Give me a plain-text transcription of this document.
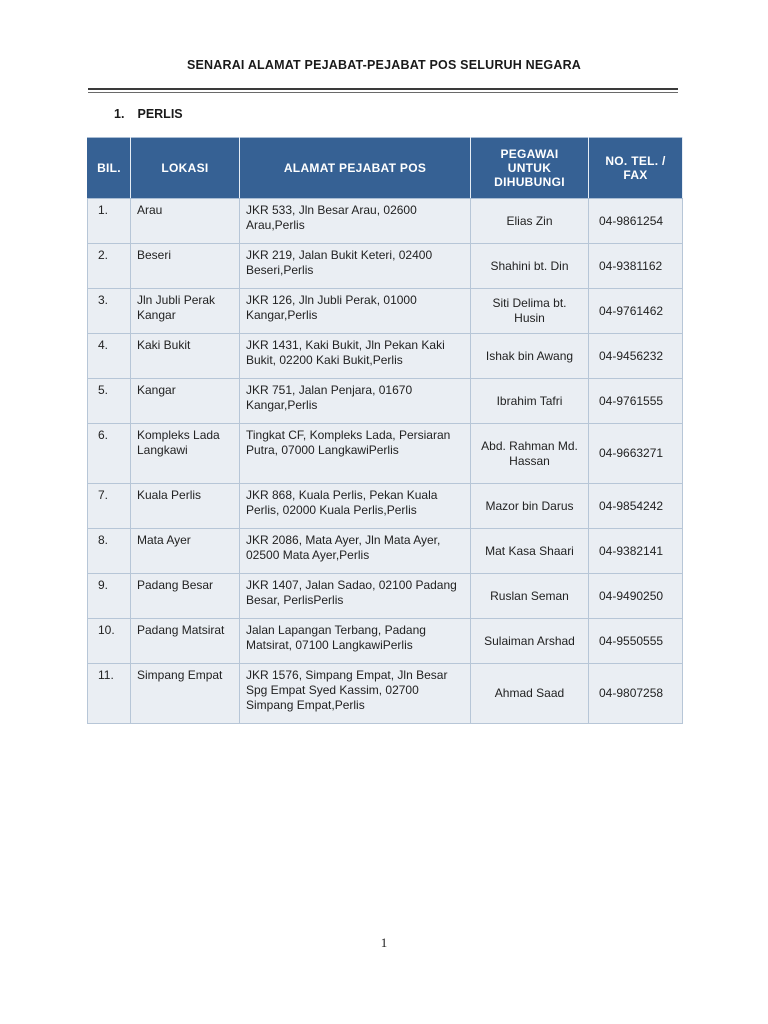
SENARAI ALAMAT PEJABAT-PEJABAT POS SELURUH NEGARA
1. PERLIS
BIL.	LOKASI	ALAMAT PEJABAT POS	PEGAWAI UNTUK DIHUBUNGI	NO. TEL. / FAX
1.	Arau	JKR 533, Jln Besar Arau, 02600 Arau,Perlis	Elias Zin	04-9861254
2.	Beseri	JKR 219, Jalan Bukit Keteri, 02400 Beseri,Perlis	Shahini bt. Din	04-9381162
3.	Jln Jubli Perak Kangar	JKR 126, Jln Jubli Perak, 01000 Kangar,Perlis	Siti Delima bt. Husin	04-9761462
4.	Kaki Bukit	JKR 1431, Kaki Bukit, Jln Pekan Kaki Bukit, 02200 Kaki Bukit,Perlis	Ishak bin Awang	04-9456232
5.	Kangar	JKR 751, Jalan Penjara, 01670 Kangar,Perlis	Ibrahim Tafri	04-9761555
6.	Kompleks Lada Langkawi	Tingkat CF, Kompleks Lada, Persiaran Putra, 07000 LangkawiPerlis	Abd. Rahman Md. Hassan	04-9663271
7.	Kuala Perlis	JKR 868, Kuala Perlis, Pekan Kuala Perlis, 02000 Kuala Perlis,Perlis	Mazor bin Darus	04-9854242
8.	Mata Ayer	JKR 2086, Mata Ayer, Jln Mata Ayer, 02500 Mata Ayer,Perlis	Mat Kasa Shaari	04-9382141
9.	Padang Besar	JKR 1407, Jalan Sadao, 02100 Padang Besar, PerlisPerlis	Ruslan Seman	04-9490250
10.	Padang Matsirat	Jalan Lapangan Terbang, Padang Matsirat, 07100 LangkawiPerlis	Sulaiman Arshad	04-9550555
11.	Simpang Empat	JKR 1576, Simpang Empat, Jln Besar Spg Empat Syed Kassim, 02700 Simpang Empat,Perlis	Ahmad Saad	04-9807258
1
